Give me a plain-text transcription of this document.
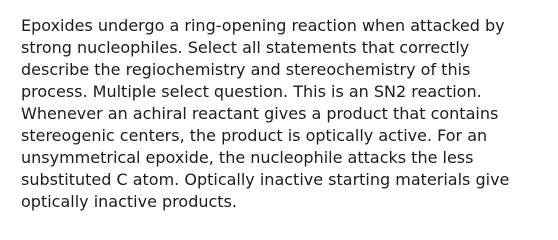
Epoxides undergo a ring-opening reaction when attacked by strong nucleophiles. Select all statements that correctly describe the regiochemistry and stereochemistry of this process. Multiple select question. This is an SN2 reaction. Whenever an achiral reactant gives a product that contains stereogenic centers, the product is optically active. For an unsymmetrical epoxide, the nucleophile attacks the less substituted C atom. Optically inactive starting materials give optically inactive products.
